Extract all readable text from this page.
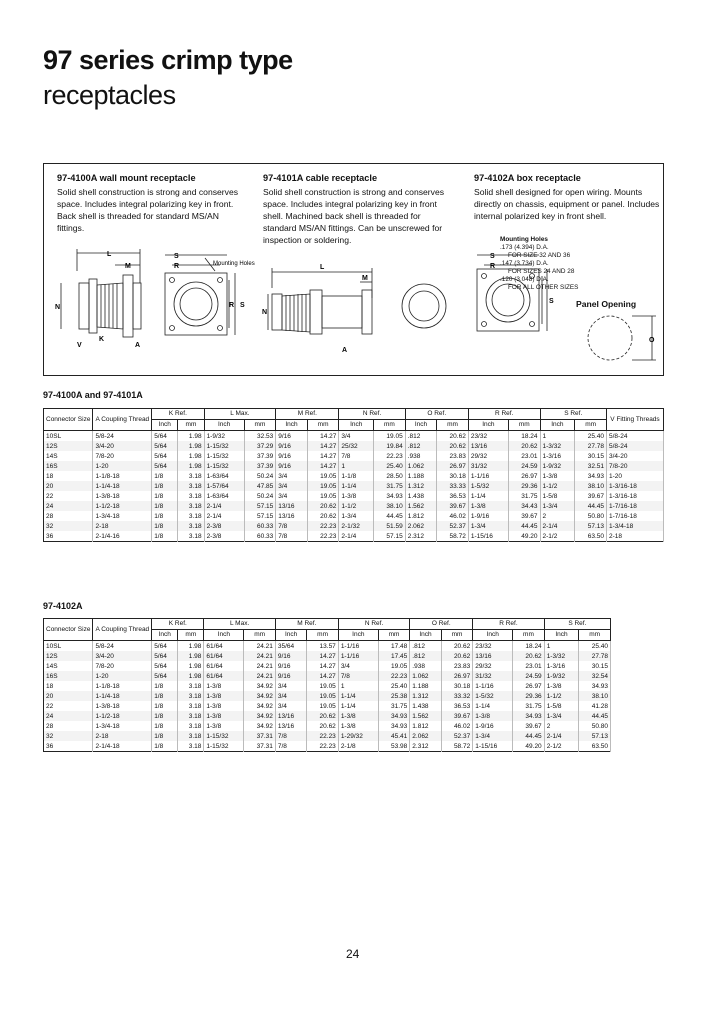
97 series crimp type
receptacles
97-4100A wall mount receptacle

Solid shell construction is strong and conserves space. Includes integral polarizing key in front. Back shell is threaded for standard MS/AN fittings.

97-4101A cable receptacle

Solid shell construction is strong and conserves space. Includes integral polarizing key in front shell. Machined back shell is threaded for standard MS/AN fittings. Can be unscrewed for inspection or soldering.

97-4102A box receptacle

Solid shell designed for open wiring. Mounts directly on chassis, equipment or panel. Includes internal polarized key in front shell.

L
M
N
V
K
A
S
R
R S
Mounting Holes	L
M
N
A
S
R
S
Mounting Holes
.173 (4.394) D.A.
FOR SIZE 32 AND 36
.147 (3.734) D.A.
FOR SIZES 24 AND 28
.120 (3.048) D.A.
FOR ALL OTHER SIZES
Panel Opening
O
97-4100A and 97-4101A
Connector Size	A Coupling Thread	K Ref.		L Max.		M Ref.		N Ref.		O Ref.		R Ref.		S Ref.		V Fitting Threads
		Inch	mm	Inch	mm	Inch	mm	Inch	mm	Inch	mm	Inch	mm	Inch	mm	
10SL	5/8-24	5/64	1.98	1-9/32	32.53	9/16	14.27	3/4	19.05	.812	20.62	23/32	18.24	1	25.40	5/8-24
12S	3/4-20	5/64	1.98	1-15/32	37.29	9/16	14.27	25/32	19.84	.812	20.62	13/16	20.62	1-3/32	27.78	5/8-24
14S	7/8-20	5/64	1.98	1-15/32	37.39	9/16	14.27	7/8	22.23	.938	23.83	29/32	23.01	1-3/16	30.15	3/4-20
16S	1-20	5/64	1.98	1-15/32	37.39	9/16	14.27	1	25.40	1.062	26.97	31/32	24.59	1-9/32	32.51	7/8-20
18	1-1/8-18	1/8	3.18	1-63/64	50.24	3/4	19.05	1-1/8	28.50	1.188	30.18	1-1/16	26.97	1-3/8	34.93	1-20
20	1-1/4-18	1/8	3.18	1-57/64	47.85	3/4	19.05	1-1/4	31.75	1.312	33.33	1-5/32	29.36	1-1/2	38.10	1-3/16-18
22	1-3/8-18	1/8	3.18	1-63/64	50.24	3/4	19.05	1-3/8	34.93	1.438	36.53	1-1/4	31.75	1-5/8	39.67	1-3/16-18
24	1-1/2-18	1/8	3.18	2-1/4	57.15	13/16	20.62	1-1/2	38.10	1.562	39.67	1-3/8	34.43	1-3/4	44.45	1-7/16-18
28	1-3/4-18	1/8	3.18	2-1/4	57.15	13/16	20.62	1-3/4	44.45	1.812	46.02	1-9/16	39.67	2	50.80	1-7/16-18
32	2-18	1/8	3.18	2-3/8	60.33	7/8	22.23	2-1/32	51.59	2.062	52.37	1-3/4	44.45	2-1/4	57.13	1-3/4-18
36	2-1/4-16	1/8	3.18	2-3/8	60.33	7/8	22.23	2-1/4	57.15	2.312	58.72	1-15/16	49.20	2-1/2	63.50	2-18
97-4102A
Connector Size	A Coupling Thread	K Ref.		L Max.		M Ref.		N Ref.		O Ref.		R Ref.		S Ref.	
		Inch	mm	Inch	mm	Inch	mm	Inch	mm	Inch	mm	Inch	mm	Inch	mm
10SL	5/8-24	5/64	1.98	61/64	24.21	35/64	13.57	1-1/16	17.48	.812	20.62	23/32	18.24	1	25.40
12S	3/4-20	5/64	1.98	61/64	24.21	9/16	14.27	1-1/16	17.45	.812	20.62	13/16	20.62	1-3/32	27.78
14S	7/8-20	5/64	1.98	61/64	24.21	9/16	14.27	3/4	19.05	.938	23.83	29/32	23.01	1-3/16	30.15
16S	1-20	5/64	1.98	61/64	24.21	9/16	14.27	7/8	22.23	1.062	26.97	31/32	24.59	1-9/32	32.54
18	1-1/8-18	1/8	3.18	1-3/8	34.92	3/4	19.05	1	25.40	1.188	30.18	1-1/16	26.97	1-3/8	34.93
20	1-1/4-18	1/8	3.18	1-3/8	34.92	3/4	19.05	1-1/4	25.38	1.312	33.32	1-5/32	29.36	1-1/2	38.10
22	1-3/8-18	1/8	3.18	1-3/8	34.92	3/4	19.05	1-1/4	31.75	1.438	36.53	1-1/4	31.75	1-5/8	41.28
24	1-1/2-18	1/8	3.18	1-3/8	34.92	13/16	20.62	1-3/8	34.93	1.562	39.67	1-3/8	34.93	1-3/4	44.45
28	1-3/4-18	1/8	3.18	1-3/8	34.92	13/16	20.62	1-3/8	34.93	1.812	46.02	1-9/16	39.67	2	50.80
32	2-18	1/8	3.18	1-15/32	37.31	7/8	22.23	1-29/32	45.41	2.062	52.37	1-3/4	44.45	2-1/4	57.13
36	2-1/4-18	1/8	3.18	1-15/32	37.31	7/8	22.23	2-1/8	53.98	2.312	58.72	1-15/16	49.20	2-1/2	63.50
24
